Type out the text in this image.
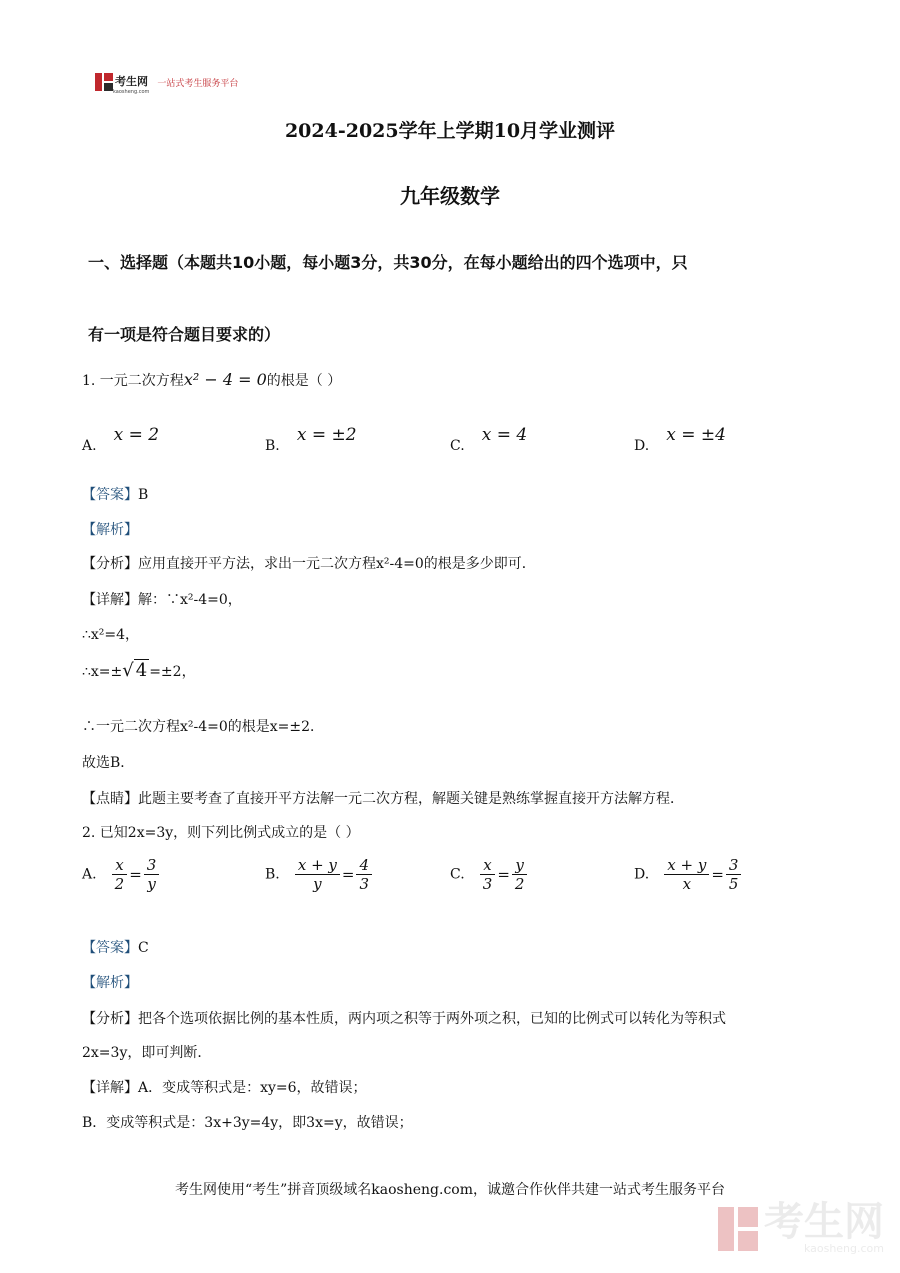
考生网
kaosheng.com
一站式考生服务平台
2024-2025学年上学期10月学业测评
九年级数学
一、选择题（本题共10小题，每小题3分，共30分，在每小题给出的四个选项中，只
有一项是符合题目要求的）
1. 一元二次方程x² − 4 = 0的根是（ ）
A. x = 2
B. x = ±2
C. x = 4
D. x = ±4
【答案】B
【解析】
【分析】应用直接开平方法，求出一元二次方程x²-4=0的根是多少即可．
【详解】解：∵x²-4=0，
∴x²=4，
∴x=±√ 4 =±2，
∴一元二次方程x²-4=0的根是x=±2．
故选B．
【点睛】此题主要考查了直接开平方法解一元二次方程，解题关键是熟练掌握直接开方法解方程．
2. 已知2x=3y，则下列比例式成立的是（ ）
A. $\frac{x}{2} = \frac{3}{y}$	B. $\frac{x + y}{y} = \frac{4}{3}$	C. $\frac{x}{3} = \frac{y}{2}$	D. $\frac{x + y}{x} = \frac{3}{5}$
【答案】C
【解析】
【分析】把各个选项依据比例的基本性质，两内项之积等于两外项之积，已知的比例式可以转化为等积式
2x=3y，即可判断．
【详解】A．变成等积式是：xy=6，故错误；
B．变成等积式是：3x+3y=4y，即3x=y，故错误；
考生网使用“考生”拼音顶级域名kaosheng.com，诚邀合作伙伴共建一站式考生服务平台
考生网
kaosheng.com
